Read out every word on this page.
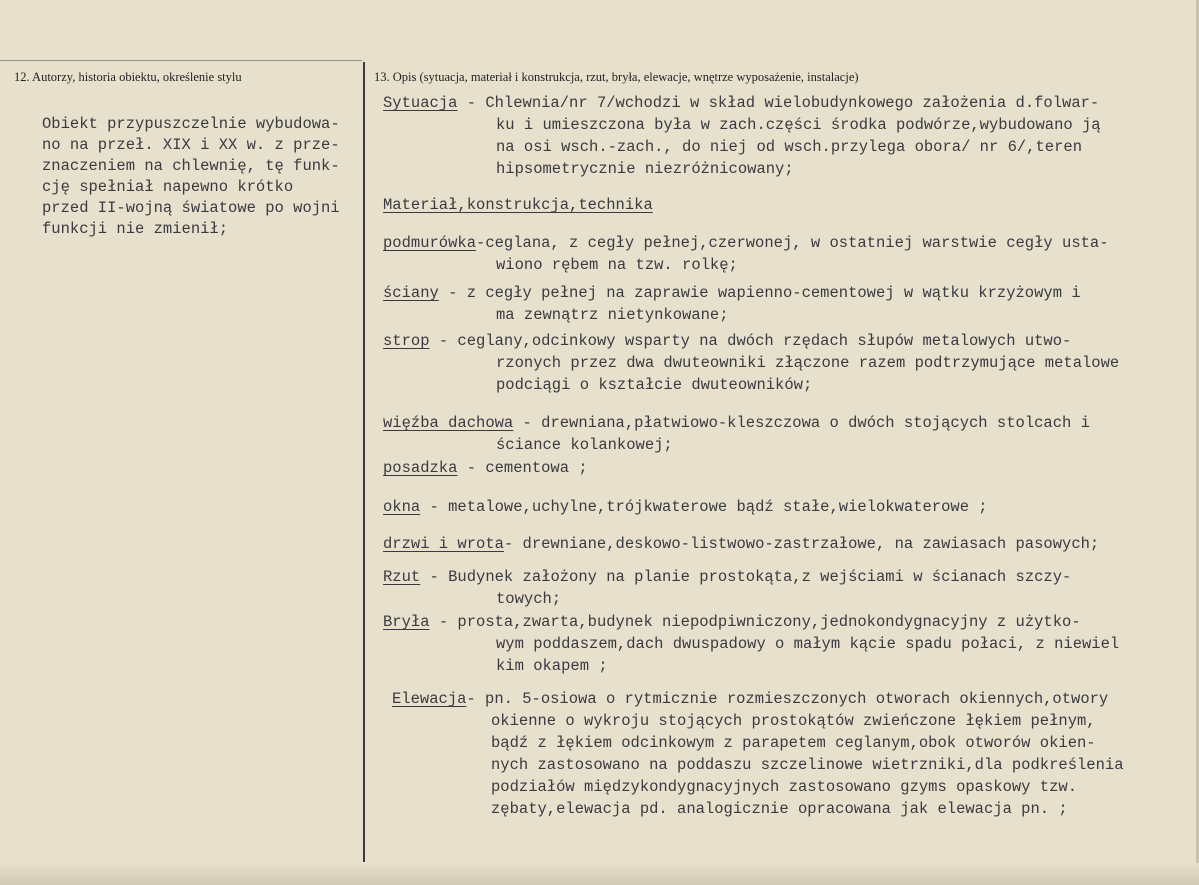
12. Autorzy, historia obiektu, określenie stylu	13. Opis (sytuacja, materiał i konstrukcja, rzut, bryła, elewacje, wnętrze wyposażenie, instalacje)
Obiekt przypuszczelnie wybudowa-
no na przeł. XIX i XX w. z prze-
znaczeniem na chlewnię, tę funk-
cję spełniał napewno krótko
przed II-wojną światowe po wojni
funkcji nie zmienił;
Sytuacja - Chlewnia/nr 7/wchodzi w skład wielobudynkowego założenia d.folwar-
ku i umieszczona była w zach.części środka podwórze,wybudowano ją
na osi wsch.-zach., do niej od wsch.przylega obora/ nr 6/,teren
hipsometrycznie niezróżnicowany;
Materiał,konstrukcja,technika
podmurówka-ceglana, z cegły pełnej,czerwonej, w ostatniej warstwie cegły usta-
wiono rębem na tzw. rolkę;
ściany - z cegły pełnej na zaprawie wapienno-cementowej w wątku krzyżowym i
ma zewnątrz nietynkowane;
strop - ceglany,odcinkowy wsparty na dwóch rzędach słupów metalowych utwo-
rzonych przez dwa dwuteowniki złączone razem podtrzymujące metalowe
podciągi o kształcie dwuteowników;
więźba dachowa - drewniana,płatwiowo-kleszczowa o dwóch stojących stolcach i
ściance kolankowej;
posadzka - cementowa ;
okna - metalowe,uchylne,trójkwaterowe bądź stałe,wielokwaterowe ;
drzwi i wrota- drewniane,deskowo-listwowo-zastrzałowe, na zawiasach pasowych;
Rzut - Budynek założony na planie prostokąta,z wejściami w ścianach szczy-
towych;
Bryła - prosta,zwarta,budynek niepodpiwniczony,jednokondygnacyjny z użytko-
wym poddaszem,dach dwuspadowy o małym kącie spadu połaci, z niewiel
kim okapem ;
Elewacja- pn. 5-osiowa o rytmicznie rozmieszczonych otworach okiennych,otwory
okienne o wykroju stojących prostokątów zwieńczone łękiem pełnym,
bądź z łękiem odcinkowym z parapetem ceglanym,obok otworów okien-
nych zastosowano na poddaszu szczelinowe wietrzniki,dla podkreślenia
podziałów międzykondygnacyjnych zastosowano gzyms opaskowy tzw.
zębaty,elewacja pd. analogicznie opracowana jak elewacja pn. ;
